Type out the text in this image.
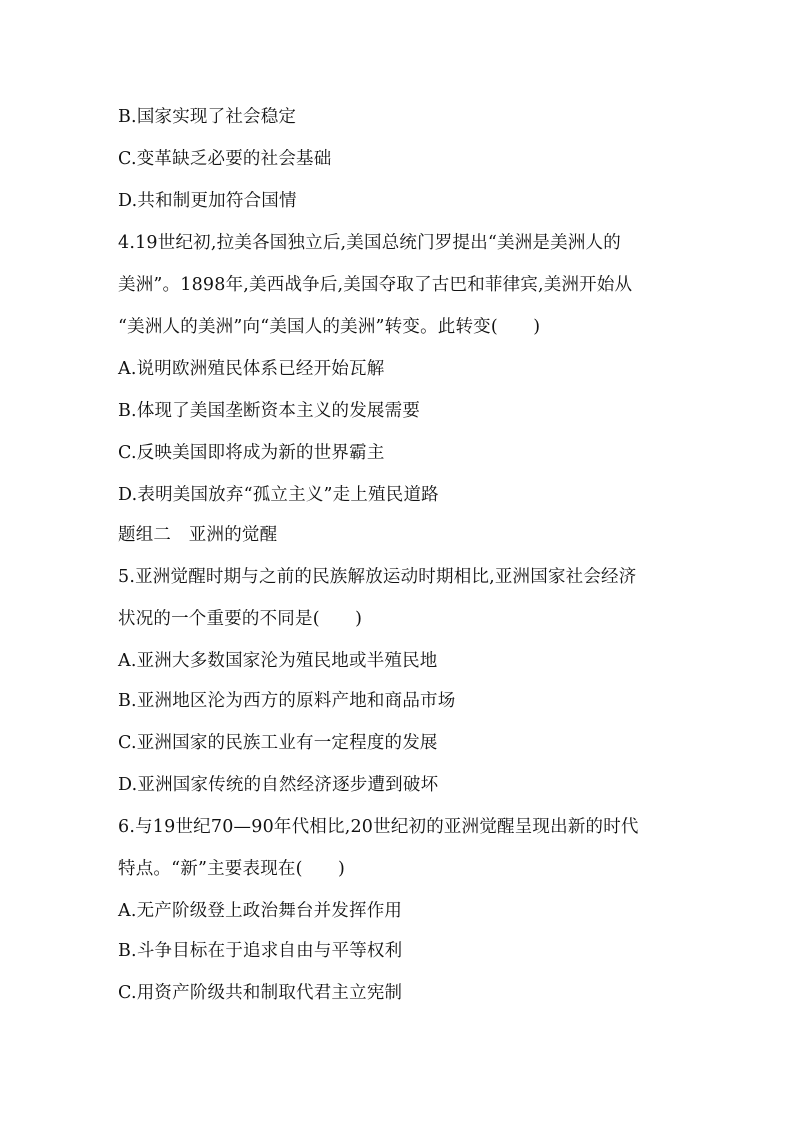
B.国家实现了社会稳定
C.变革缺乏必要的社会基础
D.共和制更加符合国情
4.19世纪初,拉美各国独立后,美国总统门罗提出“美洲是美洲人的
美洲”。1898年,美西战争后,美国夺取了古巴和菲律宾,美洲开始从
“美洲人的美洲”向“美国人的美洲”转变。此转变(　　)
A.说明欧洲殖民体系已经开始瓦解
B.体现了美国垄断资本主义的发展需要
C.反映美国即将成为新的世界霸主
D.表明美国放弃“孤立主义”走上殖民道路
题组二　亚洲的觉醒
5.亚洲觉醒时期与之前的民族解放运动时期相比,亚洲国家社会经济
状况的一个重要的不同是(　　)
A.亚洲大多数国家沦为殖民地或半殖民地
B.亚洲地区沦为西方的原料产地和商品市场
C.亚洲国家的民族工业有一定程度的发展
D.亚洲国家传统的自然经济逐步遭到破坏
6.与19世纪70—90年代相比,20世纪初的亚洲觉醒呈现出新的时代
特点。“新”主要表现在(　　)
A.无产阶级登上政治舞台并发挥作用
B.斗争目标在于追求自由与平等权利
C.用资产阶级共和制取代君主立宪制
